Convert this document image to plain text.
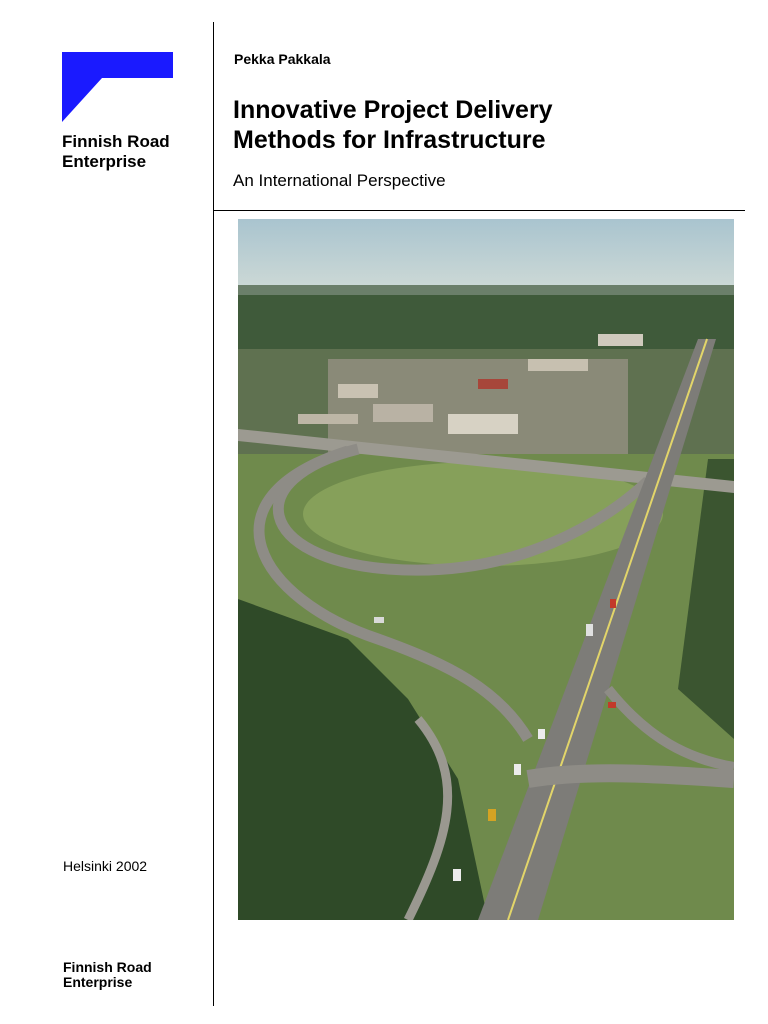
Finnish Road
Enterprise
Pekka Pakkala
Innovative Project Delivery
Methods for Infrastructure
An International Perspective
Helsinki 2002
Finnish Road
Enterprise
